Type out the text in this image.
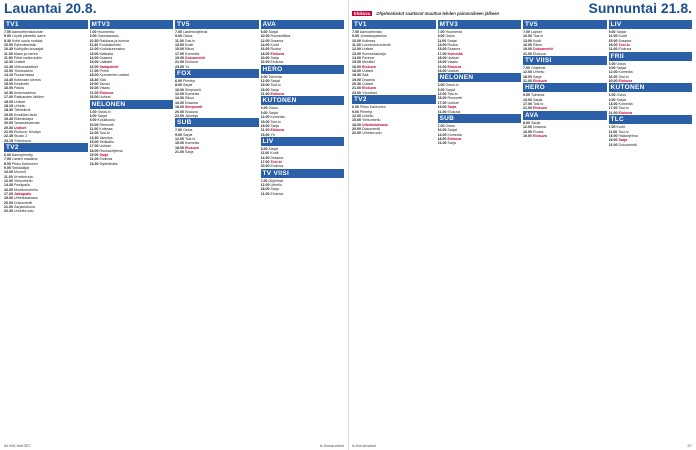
Lauantai 20.8.
TV1
7.00 Aamutelevisiokoste
9.00 Löydä piilotettu aarre
9.30 Kohti uusia nurkkia
10.00 Ryhmäkeilailu
10.30 Kotikylän kuvaajat
11.00 Maan ja meren
11.50 Pitkä matka kotiin
12.30 Uutiset
12.45 Viittomakieliset
13.00 Ykkösaamu
14.10 Puutarhassa
14.40 Kotimaan kierros
15.00 Kesäretki
16.00 Pasila
16.30 Ihmemaailma
17.00 Rakkauden tähden
18.00 Uutiset
18.15 Urheilu
18.30 Tähtisilmä
19.00 Kesäillan laulu
19.45 Elämäntapa
20.00 Tanssiaisvieraat
20.30 Uutiset
21.00 Elokuva: Kesäyö
22.45 Studio 2
23.15 Yöelokuva
TV2
6.00 Aamupiirretty
7.00 Lasten maailma
8.00 Pikku Kakkonen
9.00 Seikkailijat
10.00 Muumit
11.00 Urheiluruutu
12.00 Yleisurheilu
14.30 Pesäpallo
16.00 Moottoriurheilu
17.00 Jalkapallo
19.00 Urheilukatsaus
20.00 Dokumentti
21.00 Sarjaelokuva
22.30 Urheiluruutu
MTV3
7.00 Huomenta
9.00 Ostoskanava
10.30 Rakkaus ja kunnia
11.30 Ruokailuhetki
12.00 Kodinkunnostus
13.00 Matkalla
14.00 Draama
15.00 Lääkärit
16.00 Salapoliisit
17.00 Perhe
18.00 Kymmenen uutiset
18.30 Sää
19.00 Tanssi
20.00 Visailu
21.00 Elokuva
23.00 Uutiset
NELONEN
6.00 Ostos-tv
8.00 Sarjat
9.00 Kokkikoulu
10.00 Remontti
11.00 Kotimaa
12.00 Tosi-tv
13.30 Jännitys
15.00 Seikkailu
17.00 Uutiset
18.00 Ruokaohjelma
19.00 Sarja
21.00 Elokuva
23.30 Myöhäisilta
TV5
7.00 Lastenohjelmat
9.00 Ostos
11.00 Tosi-tv
13.00 Kodit
15.00 Rikos
17.00 Komedia
19.00 Dokumentti
21.00 Elokuva
23.00 Yö
FOX
6.00 Piirretyt
8.00 Sarjat
10.00 Simpsonit
12.00 Komedia
14.00 Rikos
16.00 Draama
18.00 Simpsonit
20.00 Elokuva
22.00 Jännitys
SUB
7.00 Ostos
9.00 Sarjat
12.00 Tosi-tv
15.00 Komedia
18.00 Elokuva
21.00 Sarja
AVA
8.00 Sarjat
10.00 Romantiikka
12.00 Draama
14.00 Kodit
16.00 Ruoka
18.00 Elokuva
20.00 Sarja
22.00 Elokuva
HERO
9.00 Toiminta
12.00 Sarjat
15.00 Tosi-tv
18.00 Sarja
21.00 Elokuva
KUTONEN
6.00 Ostos
9.00 Sarjat
12.00 Komedia
15.00 Tosi-tv
18.00 Sarja
21.00 Elokuva
23.00 Yö
LIV
8.00 Sarjat
11.00 Kodit
14.00 Draama
17.00 Tosi-tv
20.00 Elokuva
TV VIISI
7.00 Ohjelmat
12.00 Urheilu
18.00 Sarja
21.00 Elokuva
66 MA.NAISET	is.fi/mainaiset
Elokuva Ohjelmatiedot saattavat muuttua lehden painovaiheen jälkeen	Sunnuntai 21.8.
TV1
7.00 Aamutelevisio
9.00 Jumalanpalvelus
10.00 Kotimaa
11.00 Luontodokumentti
12.00 Uutiset
13.00 Sunnuntaisarja
14.00 Perinne
15.00 Musiikki
16.00 Elokuva
18.00 Uutiset
18.30 Sää
19.00 Draama
20.30 Uutiset
21.00 Elokuva
23.00 Yöuutiset
TV2
6.00 Pikku Kakkonen
9.00 Piirretyt
12.00 Urheilu
15.00 Yleisurheilu
18.00 Urheilukatsaus
20.00 Dokumentti
22.00 Urheiluruutu
MTV3
7.00 Huomenta
9.00 Ostos
11.00 Sarjat
13.00 Ruoka
15.00 Draama
17.00 Komedia
18.00 Uutiset
19.00 Visailu
21.00 Elokuva
23.00 Uutiset
NELONEN
6.00 Ostos-tv
9.00 Sarjat
12.00 Tosi-tv
15.00 Remontti
17.00 Uutiset
19.00 Sarja
21.00 Elokuva
SUB
7.00 Ostos
10.00 Sarjat
14.00 Komedia
18.00 Elokuva
21.00 Sarja
TV5
7.00 Lapset
10.00 Tosi-tv
13.00 Kodit
16.00 Rikos
19.00 Dokumentti
21.00 Elokuva
TV VIISI
7.00 Ohjelmat
12.00 Urheilu
18.00 Sarja
21.00 Elokuva
HERO
9.00 Toiminta
13.00 Sarjat
17.00 Tosi-tv
21.00 Elokuva
AVA
8.00 Sarjat
12.00 Draama
16.00 Ruoka
19.00 Elokuva
LIV
9.00 Sarjat
12.00 Kodit
15.00 Draama
18.00 Tosi-tv
21.00 Elokuva
FRII
6.00 Ostos
9.00 Sarjat
12.00 Komedia
16.00 Tosi-tv
20.00 Elokuva
KUTONEN
6.00 Ostos
9.00 Sarjat
13.00 Komedia
17.00 Tosi-tv
21.00 Elokuva
TLC
7.00 Kodit
11.00 Tosi-tv
15.00 Hääohjelma
19.00 Sarja
22.00 Dokumentti
is.fi/mainaiset	67
